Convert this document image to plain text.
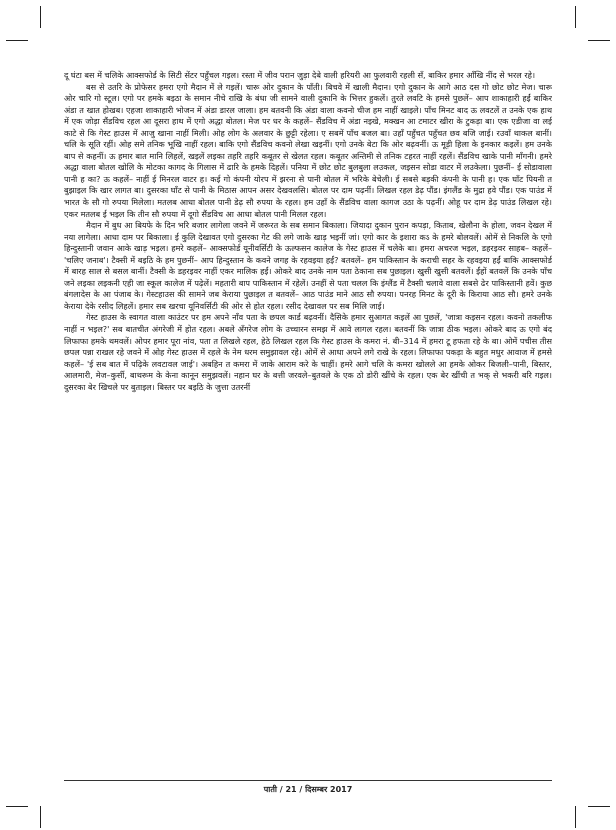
दू घंटा बस में चलिके आक्सफोर्ड के सिटी सेंटर पहुँचल गइल। रस्ता में जीव परान जुड़ा देबे वाली हरियरी आ फुलवारी रहली सँ, बाकिर हमार आँखि नींद से भरल रहे।

बस से उतरि के प्रोफेसर हमरा एगो मैदान में ले गइलें। चारू ओर दुकान के पाँती। बिचवे में खाली मैदान। एगो दुकान के आगे आठ दस गो छोट छोट मेज। चारू ओर चारि गो स्टूल। एगो पर हमके बइठा के समान नीचे राखि के बंधा जी सामने वाली दुकानि के भित्तर हुकलें। तुरते लवटि के हमसे पुछलें– आप शाकाहारी हईं बाकिर अंडा त खात होखब। एहजा शाकाहारी भोजन में अंडा डारल जाला। हम बतवनी कि अंडा वाला कवनो चीज हम नाहीं खाइले। पाँच मिनट बाद ऊ लवटलें त उनके एक हाथ में एक जोड़ा सैंडविच रहल आ दूसरा हाथ में एगो अद्धा बोतल। मेज पर धर के कहलें– सैंडविच में अंडा नइखे, मक्खन आ टमाटर खीरा के टुकड़ा बा। एक एडीजा वा लई काटे से कि गेस्ट हाउस में आजु खाना नाहीं मिली। ओह लोग के अलवार के छुट्टी रहेला। ए सबमें पाँच बजल बा। उहाँ पहुँचत पहुँचत छव बजि जाई। रउवाँ थाकल बानीं। चलि के सूति रहीं। ओह समे तनिक भूखि नाहीं रहल। बाकि एगो सैंडविच कवनो लेखा खइनीं। एगो उनके बेटा कि ओर बढ़वनीं। ऊ मूड़ी हिला के इनकार कइलें। हम उनके बाप से कहनीं। ऊ हमार बात मानि लिहलें, खइलें लइका तहरि तहरि कबूतर से खेलत रहल। कबूतर अन्तिमी से तनिक टहरत नाहीं रहलें। सैंडविच खाके पानी माँगनी। हमरे अद्धा वाला बोतल खोलि के मोटका कागद के गिलास में ढारि के हमके दिहलें। पनिया में छोट छोट बुलबुला लउकल, जइसन सोडा वाटर में लउकेला। पुछनीं– ई सोडावाला पानी ह का? ऊ कहलें– नाहीं ई मिनरल वाटर ह। कई गो कंपनी योरप में झरना से पानी बोतल में भरिके बेचेली। ई सबसे बड़की कंपनी के पानी ह। एक घाँट पियनी त बुझाइल कि खार लागत बा। दुसरका घाँट से पानी के मिठास आपन असर देखवलसि। बोतल पर दाम पढ़नीं। लिखल रहल डेढ़ पौंड। इंगलैंड के मुद्रा हवे पौंड। एक पाउंड में भारत के सौ गो रुपया मिलेला। मतलब आधा बोतल पानी डेढ़ सौ रुपया के रहल। हम उहाँ के सैंडविच वाला कागज उठा के पढ़नीं। ओहू पर दाम डेढ़ पाउंड लिखल रहे। एकर मतलब ई भइल कि तीन सौ रुपया में दूगो सैंडविच आ आधा बोतल पानी मिलल रहल।

मैदान में बुध आ बियफे के दिन भरि बजार लागेला जवने में जरूरत के सब समान बिकाला। जियादा दुकान पुरान कपड़ा, किताब, खेलौना के होला, जवन देखल में नया लागेला। आधा दाम पर बिकाला। ई कुलि देखावत एगो दुसरका गेट की लगे जाके खाड़ भइनीं जां। एगो कार के इशारा कऽ के हमरे बोलवलें। ओमें से निकलि के एगो हिन्दुस्तानी जवान आके खाड़ भइल। हमरे कहलें– आक्सफोर्ड यूनीवर्सिटी के ऊल्फसन कालेज के गेस्ट हाउस में चलेके बा। हमरा अचरज भइल, डहरइवर साहब– कहलें– 'चलिए जनाब'। टैक्सी में बइठि के हम पुछनीं– आप हिन्दुस्तान के कवने जगह के रहवइया हईं? बतवलें– हम पाकिस्तान के कराची सहर के रहवइया हईं बाकि आक्सफोर्ड में बारह साल से बसल बानीं। टैक्सी के डहरइवर नाहीं एकर मालिक हईं। ओकरे बाद उनके नाम पता ठेकाना सब पुछाइल। खुसी खुसी बतवलें। ईंहों बतवलें कि उनके पाँच जने लइका लइकनी एही जा स्कूल कालेज में पढ़ेलें। महतारी बाप पाकिस्तान में रहेलें। उनहीं से पता चलल कि इंग्लैंड में टैक्सी चलावे वाला सबसे ढेर पाकिस्तानी हवें। कुछ बंगलादेस के आ पंजाब के। गेस्टहाउस की सामने जब केराया पुछाइल त बतवलें– आठ पाउंड माने आठ सौ रुपया। पनरह मिनट के दूरी के किराया आठ सौ। हमरे उनके केराया देके रसीद लिहलें। हमार सब खरचा यूनिवर्सिटी की ओर से होत रहल। रसीद देखावल पर सब मिलि जाई।

गेस्ट हाउस के स्वागत वाला काउंटर पर हम अपने नाँव पता के छपल कार्ड बढ़वनीं। दैसिके हमार सुआगत कइलें आ पुछलें, 'जात्रा कइसन रहल। कवनो तकलीफ नाहीं न भइल?' सब बातचीत अंगरेजी में होत रहल। अबले अँगरेज लोग के उच्चारन समझ में आवे लागल रहल। बतवनीं कि जात्रा ठीक भइल। ओकरे बाद ऊ एगो बंद लिफाफा हमके थमवलें। ओपर हमार पूरा नांव, पता त लिखले रहल, हेठे लिखल रहल कि गेस्ट हाउस के कमरा नं. बी–314 में हमरा टू हफता रहे के बा। ओमें पचीस तीस छपल पन्ना राखल रहे जवने में ओह गेस्ट हाउस में रहले के नेम धरम समुझावल रहे। ओमें से आधा अपने लगे राखे के रहल। लिफाफा पकड़ा के बहुत मधुर आवाज में हमसे कहलें– 'ई सब बात में पढ़िके लवटावल जाई'। अबहिन त कमरा में जाके आराम करे के चाहीं। हमरे आगे चलि के कमरा खोलले आ हमके ओकर बिजली–पानी, बिस्तर, आलमारी, मेज–कुर्सी, बाथरूम के केना कानून समुझवलें। नहान घर के बत्ती जरवले–बुतवले के एक ठो डोरी खींचे के रहल। एक बेर खींची त भक् से भकरी बरि गइल। दुसरका बेर खिचले पर बुताइल। बिस्तर पर बइठि के जुत्ता उतरनीं

पाती / 21 / दिसम्बर 2017
